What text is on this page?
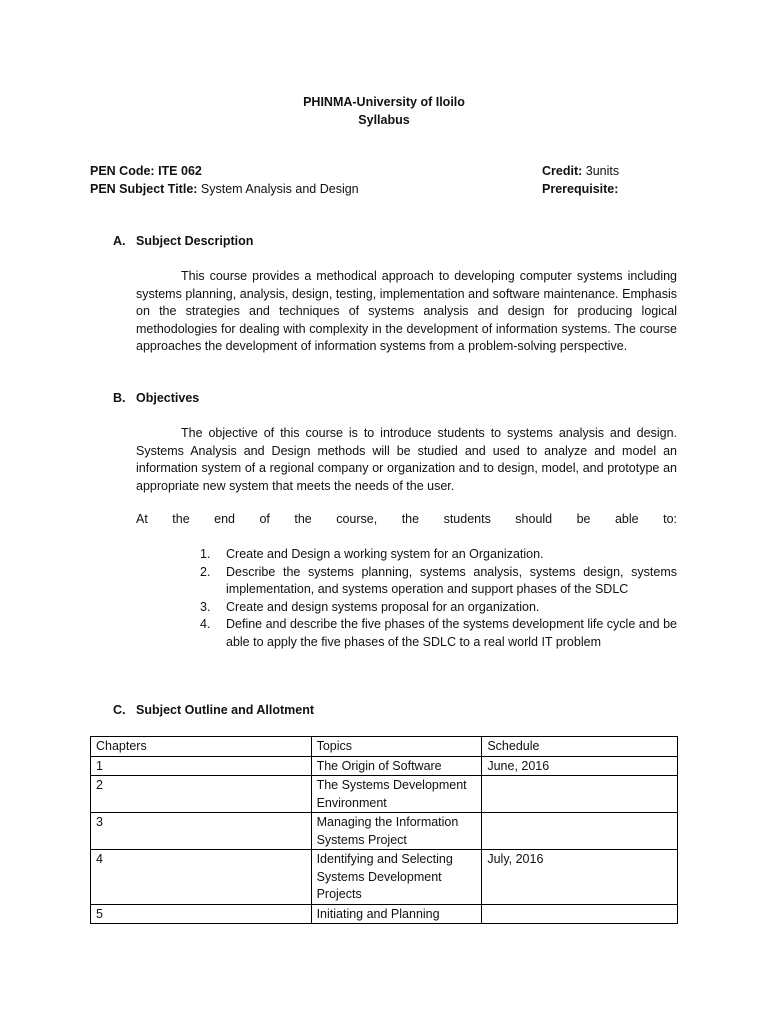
PHINMA-University of Iloilo
Syllabus
PEN Code: ITE 062
PEN Subject Title: System Analysis and Design
Credit: 3units
Prerequisite:
A. Subject Description
This course provides a methodical approach to developing computer systems including systems planning, analysis, design, testing, implementation and software maintenance. Emphasis on the strategies and techniques of systems analysis and design for producing logical methodologies for dealing with complexity in the development of information systems. The course approaches the development of information systems from a problem-solving perspective.
B. Objectives
The objective of this course is to introduce students to systems analysis and design. Systems Analysis and Design methods will be studied and used to analyze and model an information system of a regional company or organization and to design, model, and prototype an appropriate new system that meets the needs of the user.
At the end of the course, the students should be able to:
1. Create and Design a working system for an Organization.
2. Describe the systems planning, systems analysis, systems design, systems implementation, and systems operation and support phases of the SDLC
3. Create and design systems proposal for an organization.
4. Define and describe the five phases of the systems development life cycle and be able to apply the five phases of the SDLC to a real world IT problem
C. Subject Outline and Allotment
Chapters	Topics	Schedule
1	The Origin of Software	June, 2016
2	The Systems Development Environment	
3	Managing the Information Systems Project	
4	Identifying and Selecting Systems Development Projects	July, 2016
5	Initiating and Planning	
